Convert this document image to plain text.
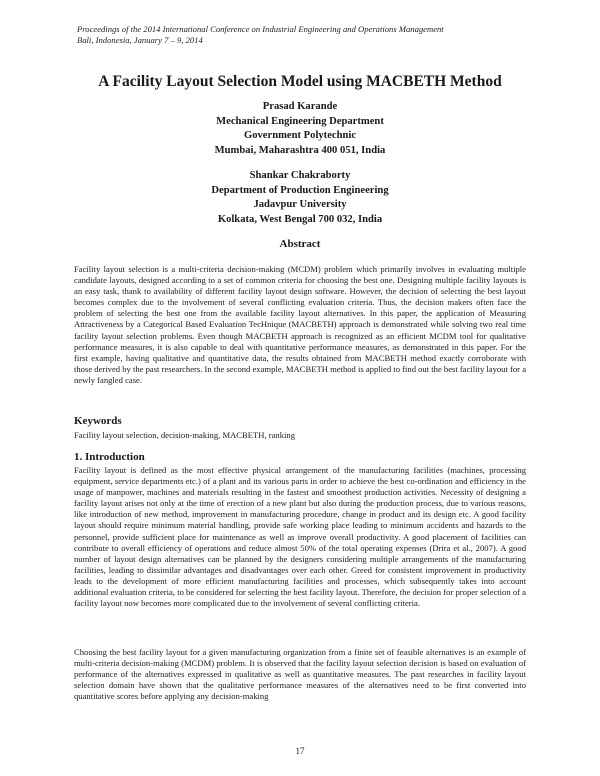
Proceedings of the 2014 International Conference on Industrial Engineering and Operations Management
Bali, Indonesia, January 7 – 9, 2014
A Facility Layout Selection Model using MACBETH Method
Prasad Karande
Mechanical Engineering Department
Government Polytechnic
Mumbai, Maharashtra 400 051, India
Shankar Chakraborty
Department of Production Engineering
Jadavpur University
Kolkata, West Bengal 700 032, India
Abstract

Facility layout selection is a multi-criteria decision-making (MCDM) problem which primarily involves in evaluating multiple candidate layouts, designed according to a set of common criteria for choosing the best one. Designing multiple facility layouts is an easy task, thank to availability of different facility layout design software. However, the decision of selecting the best layout becomes complex due to the involvement of several conflicting evaluation criteria. Thus, the decision makers often face the problem of selecting the best one from the available facility layout alternatives. In this paper, the application of Measuring Attractiveness by a Categorical Based Evaluation TecHnique (MACBETH) approach is demonstrated while solving two real time facility layout selection problems. Even though MACBETH approach is recognized as an efficient MCDM tool for qualitative performance measures, it is also capable to deal with quantitative performance measures, as demonstrated in this paper. For the first example, having qualitative and quantitative data, the results obtained from MACBETH method exactly corroborate with those derived by the past researchers. In the second example, MACBETH method is applied to find out the best facility layout for a newly fangled case.

Keywords

Facility layout selection, decision-making, MACBETH, ranking

1. Introduction

Facility layout is defined as the most effective physical arrangement of the manufacturing facilities (machines, processing equipment, service departments etc.) of a plant and its various parts in order to achieve the best co-ordination and efficiency in the usage of manpower, machines and materials resulting in the fastest and smoothest production activities. Necessity of designing a facility layout arises not only at the time of erection of a new plant but also during the production process, due to various reasons, like introduction of new method, improvement in manufacturing procedure, change in product and its design etc. A good facility layout should require minimum material handling, provide safe working place leading to minimum accidents and hazards to the personnel, provide sufficient place for maintenance as well as improve overall productivity. A good placement of facilities can contribute to overall efficiency of operations and reduce almost 50% of the total operating expenses (Drira et al., 2007). A good number of layout design alternatives can be planned by the designers considering multiple arrangements of the manufacturing facilities, leading to dissimilar advantages and disadvantages over each other. Greed for consistent improvement in productivity leads to the development of more efficient manufacturing facilities and processes, which subsequently takes into account additional evaluation criteria, to be considered for selecting the best facility layout. Therefore, the decision for proper selection of a facility layout now becomes more complicated due to the involvement of several conflicting criteria.

Choosing the best facility layout for a given manufacturing organization from a finite set of feasible alternatives is an example of multi-criteria decision-making (MCDM) problem. It is observed that the facility layout selection decision is based on evaluation of performance of the alternatives expressed in qualitative as well as quantitative measures. The past researches in facility layout selection domain have shown that the qualitative performance measures of the alternatives need to be first converted into quantitative scores before applying any decision-making

17
